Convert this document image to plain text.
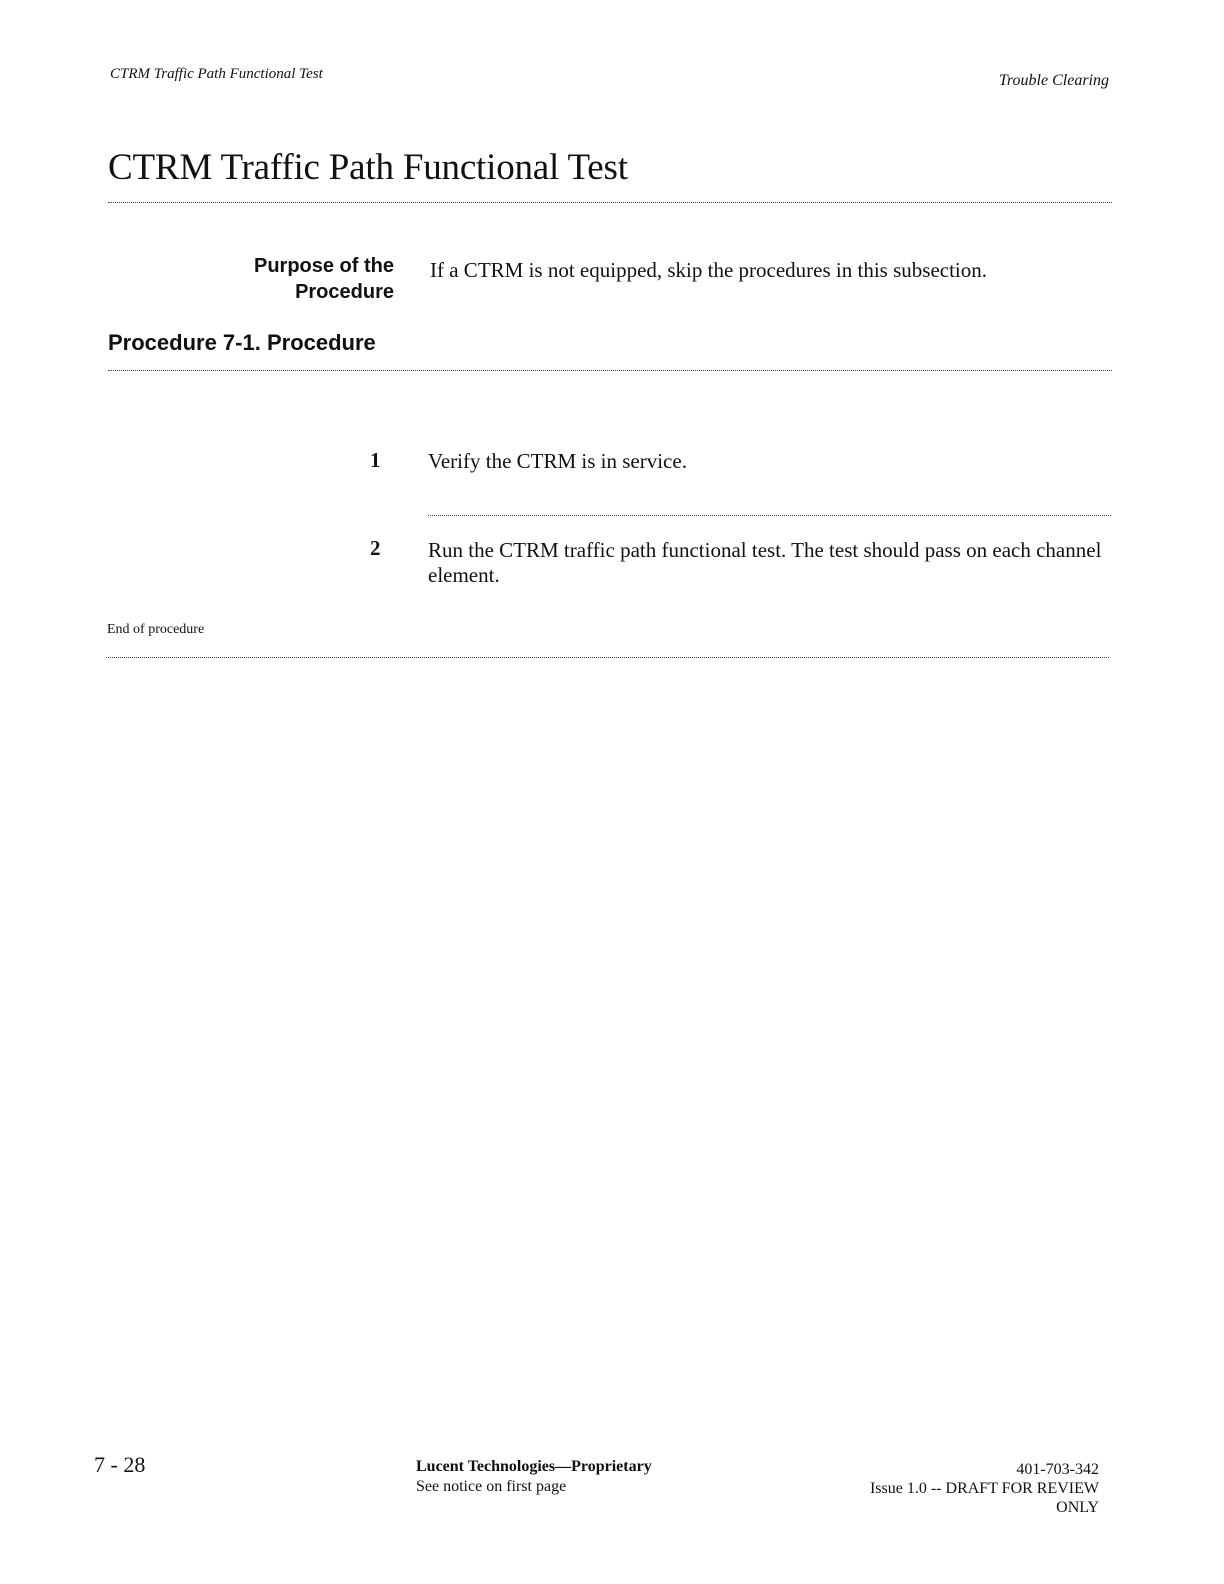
CTRM Traffic Path Functional Test	Trouble Clearing
CTRM Traffic Path Functional Test
Purpose of the
Procedure
If a CTRM is not equipped, skip the procedures in this subsection.
Procedure 7-1. Procedure
1 Verify the CTRM is in service.
2 Run the CTRM traffic path functional test. The test should pass on each channel element.
End of procedure
7 - 28	Lucent Technologies—Proprietary
See notice on first page
401-703-342
Issue 1.0 -- DRAFT FOR REVIEW
ONLY
